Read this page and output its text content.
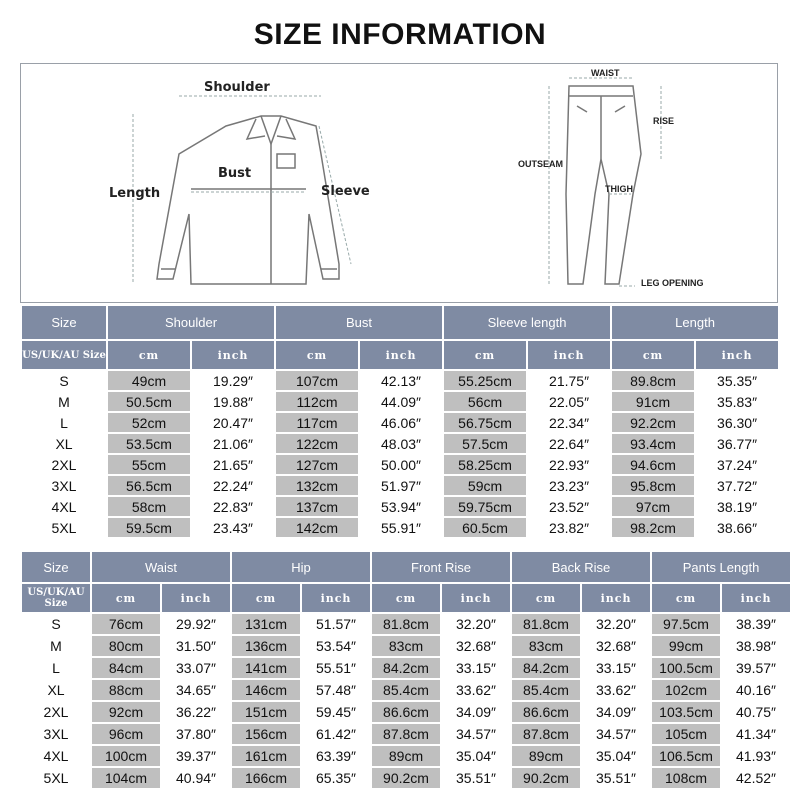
SIZE INFORMATION
Shoulder
Bust
Length	Sleeve
WAIST
RISE
OUTSEAM
THIGH
LEG OPENING
Size	Shoulder		Bust		Sleeve length		Length	
US/UK/AU Size	cm	inch	cm	inch	cm	inch	cm	inch
S	49cm	19.29″	107cm	42.13″	55.25cm	21.75″	89.8cm	35.35″
M	50.5cm	19.88″	112cm	44.09″	56cm	22.05″	91cm	35.83″
L	52cm	20.47″	117cm	46.06″	56.75cm	22.34″	92.2cm	36.30″
XL	53.5cm	21.06″	122cm	48.03″	57.5cm	22.64″	93.4cm	36.77″
2XL	55cm	21.65″	127cm	50.00″	58.25cm	22.93″	94.6cm	37.24″
3XL	56.5cm	22.24″	132cm	51.97″	59cm	23.23″	95.8cm	37.72″
4XL	58cm	22.83″	137cm	53.94″	59.75cm	23.52″	97cm	38.19″
5XL	59.5cm	23.43″	142cm	55.91″	60.5cm	23.82″	98.2cm	38.66″
Size	Waist		Hip		Front Rise		Back Rise		Pants Length	
US/UK/AU Size	cm	inch	cm	inch	cm	inch	cm	inch	cm	inch
S	76cm	29.92″	131cm	51.57″	81.8cm	32.20″	81.8cm	32.20″	97.5cm	38.39″
M	80cm	31.50″	136cm	53.54″	83cm	32.68″	83cm	32.68″	99cm	38.98″
L	84cm	33.07″	141cm	55.51″	84.2cm	33.15″	84.2cm	33.15″	100.5cm	39.57″
XL	88cm	34.65″	146cm	57.48″	85.4cm	33.62″	85.4cm	33.62″	102cm	40.16″
2XL	92cm	36.22″	151cm	59.45″	86.6cm	34.09″	86.6cm	34.09″	103.5cm	40.75″
3XL	96cm	37.80″	156cm	61.42″	87.8cm	34.57″	87.8cm	34.57″	105cm	41.34″
4XL	100cm	39.37″	161cm	63.39″	89cm	35.04″	89cm	35.04″	106.5cm	41.93″
5XL	104cm	40.94″	166cm	65.35″	90.2cm	35.51″	90.2cm	35.51″	108cm	42.52″
